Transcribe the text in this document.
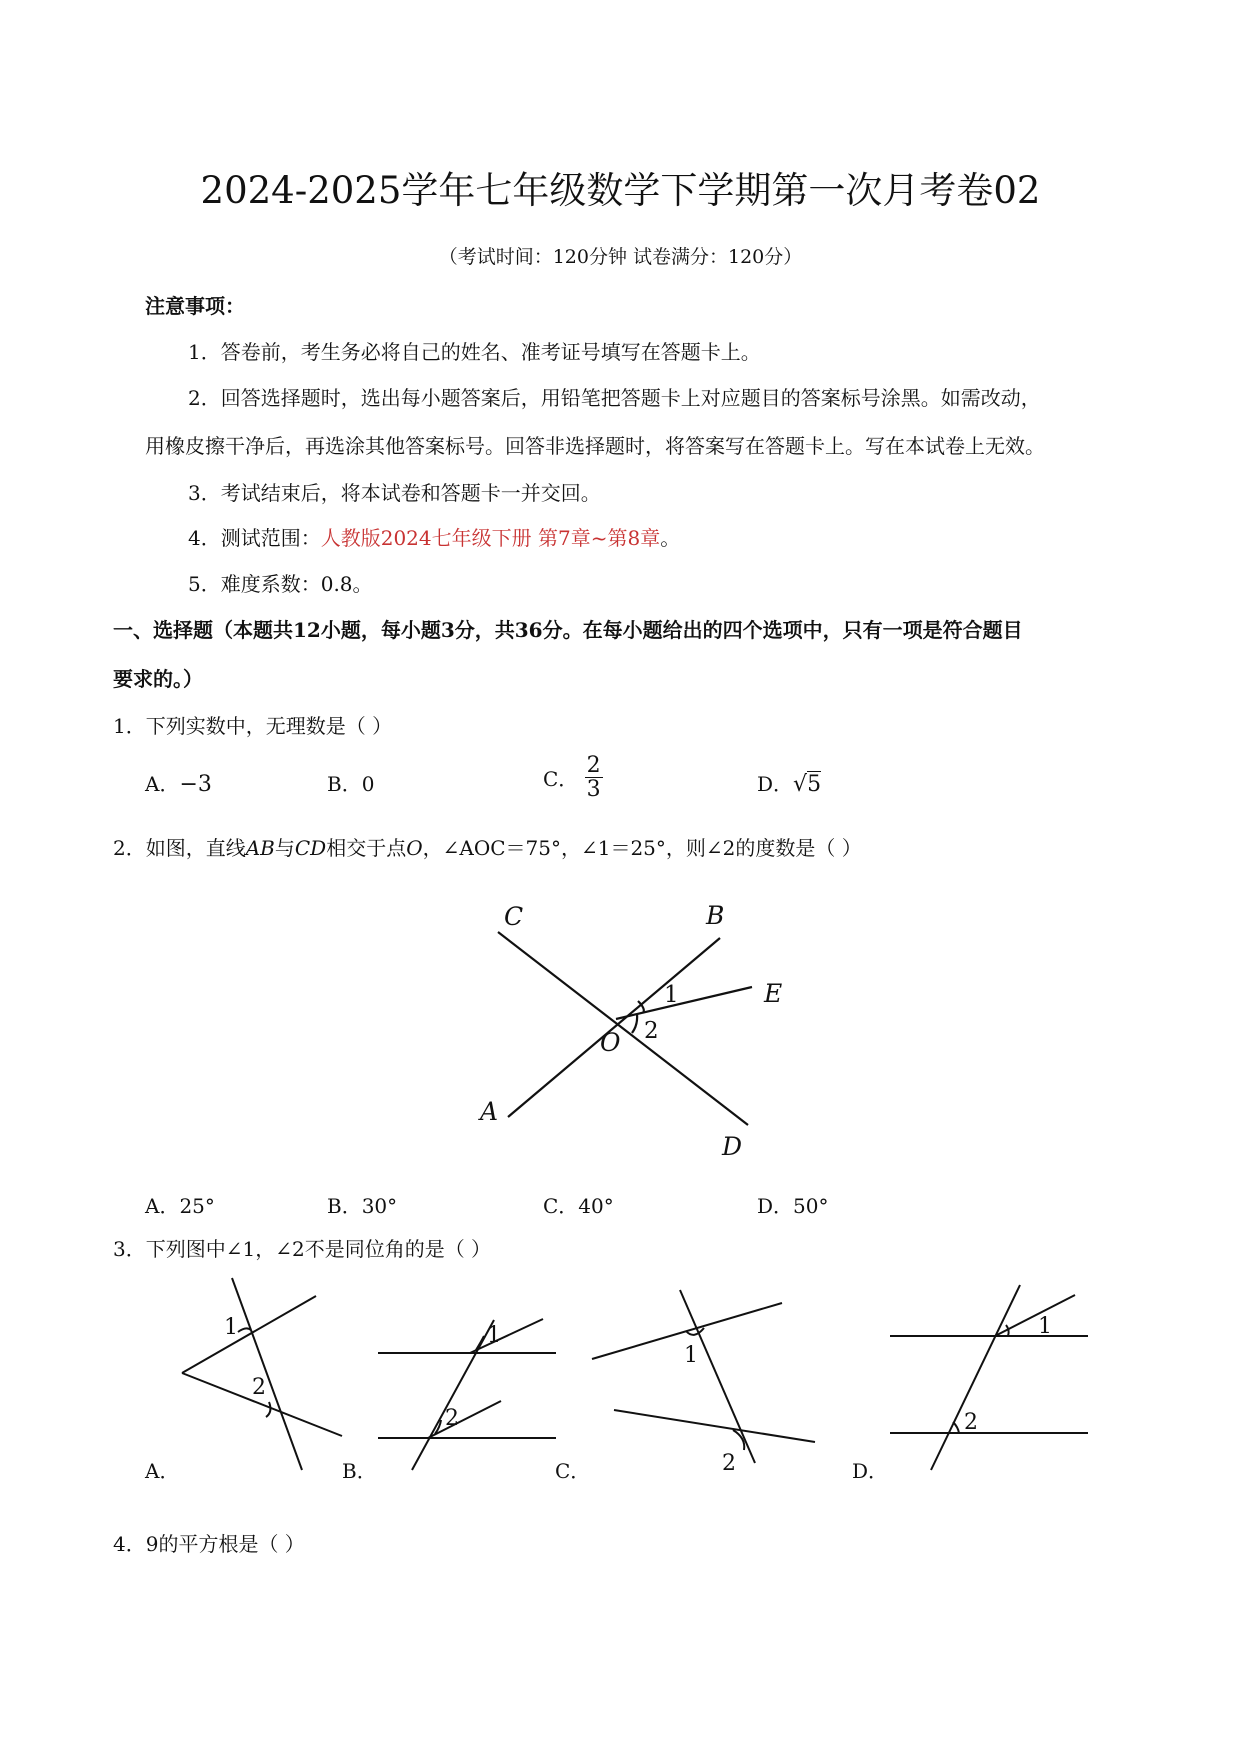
2024-2025学年七年级数学下学期第一次月考卷02
（考试时间：120分钟 试卷满分：120分）
注意事项：
1．答卷前，考生务必将自己的姓名、准考证号填写在答题卡上。
2．回答选择题时，选出每小题答案后，用铅笔把答题卡上对应题目的答案标号涂黑。如需改动，
用橡皮擦干净后，再选涂其他答案标号。回答非选择题时，将答案写在答题卡上。写在本试卷上无效。
3．考试结束后，将本试卷和答题卡一并交回。
4．测试范围：人教版2024七年级下册 第7章~第8章。
5．难度系数：0.8。
一、选择题（本题共12小题，每小题3分，共36分。在每小题给出的四个选项中，只有一项是符合题目
要求的。）
1．下列实数中，无理数是（ ）
A．−3	B．0	C． $\frac{2}{3}$	D．√5
2．如图，直线AB与CD相交于点O，∠AOC＝75°，∠1＝25°，则∠2的度数是（ ）
C	B
E
O
A
D
1
2
A．25°	B．30°	C．40°	D．50°
3．下列图中∠1，∠2不是同位角的是（ ）
1
2
1
2
1
2
1
2
A．	B．	C．	D．
4．9的平方根是（ ）
